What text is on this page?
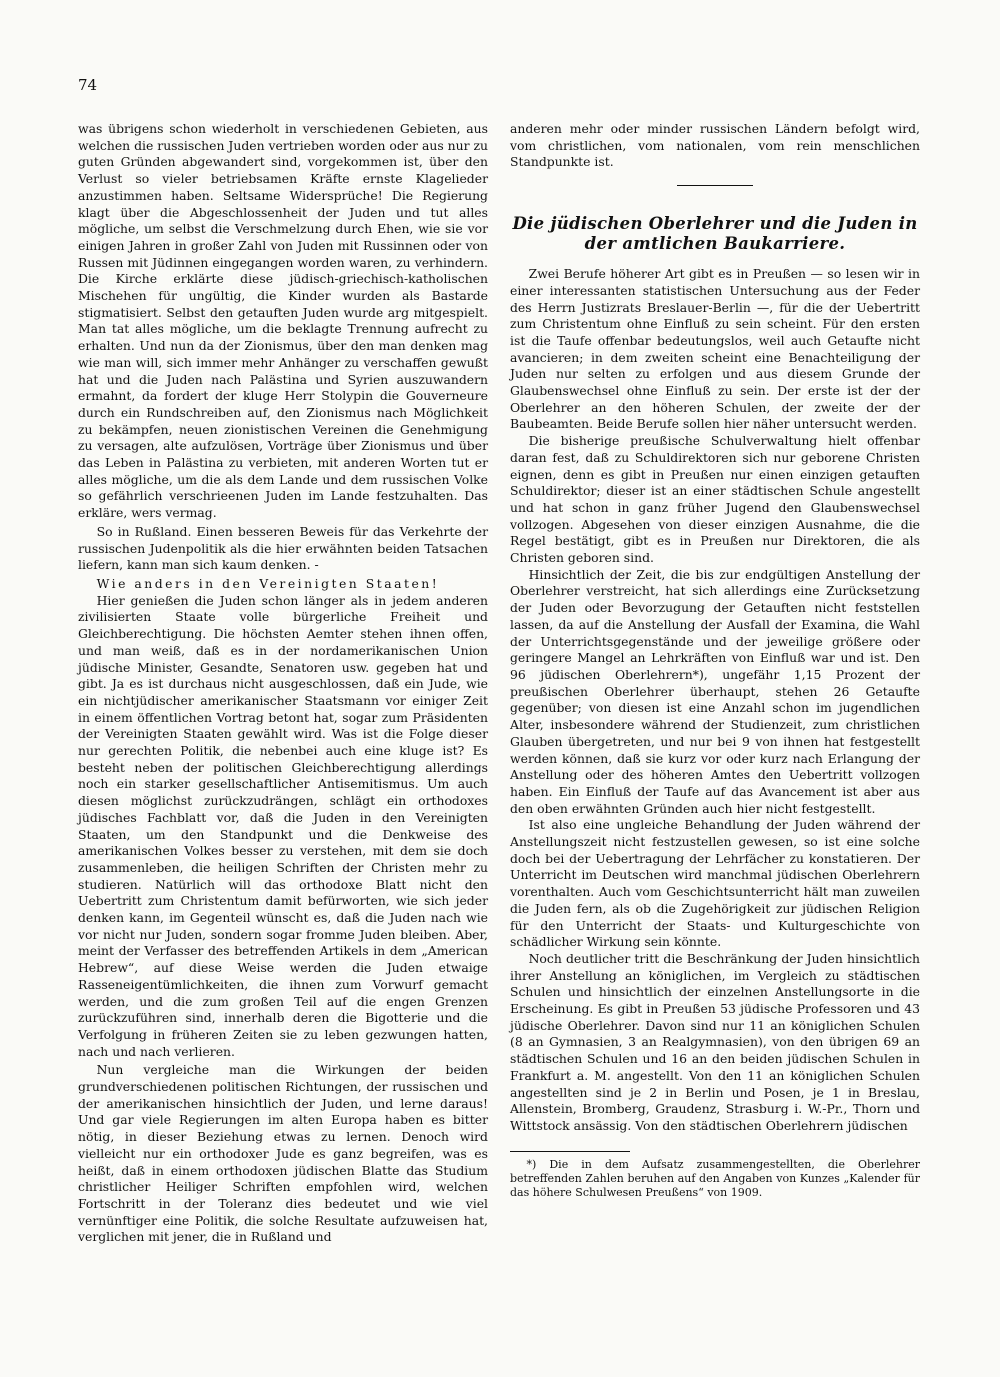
74

was übrigens schon wiederholt in verschiedenen Gebieten, aus welchen die russischen Juden vertrieben worden oder aus nur zu guten Gründen abgewandert sind, vorgekommen ist, über den Verlust so vieler betriebsamen Kräfte ernste Klagelieder anzustimmen haben. Seltsame Widersprüche! Die Regierung klagt über die Abgeschlossenheit der Juden und tut alles mögliche, um selbst die Verschmelzung durch Ehen, wie sie vor einigen Jahren in großer Zahl von Juden mit Russinnen oder von Russen mit Jüdinnen eingegangen worden waren, zu verhindern. Die Kirche erklärte diese jüdisch-griechisch-katholischen Mischehen für ungültig, die Kinder wurden als Bastarde stigmatisiert. Selbst den getauften Juden wurde arg mitgespielt. Man tat alles mögliche, um die beklagte Trennung aufrecht zu erhalten. Und nun da der Zionismus, über den man denken mag wie man will, sich immer mehr Anhänger zu verschaffen gewußt hat und die Juden nach Palästina und Syrien auszuwandern ermahnt, da fordert der kluge Herr Stolypin die Gouverneure durch ein Rundschreiben auf, den Zionismus nach Möglichkeit zu bekämpfen, neuen zionistischen Vereinen die Genehmigung zu versagen, alte aufzulösen, Vorträge über Zionismus und über das Leben in Palästina zu verbieten, mit anderen Worten tut er alles mögliche, um die als dem Lande und dem russischen Volke so gefährlich verschrieenen Juden im Lande festzuhalten. Das erkläre, wers vermag.

So in Rußland. Einen besseren Beweis für das Verkehrte der russischen Judenpolitik als die hier erwähnten beiden Tatsachen liefern, kann man sich kaum denken. -

Wie anders in den Vereinigten Staaten!

Hier genießen die Juden schon länger als in jedem anderen zivilisierten Staate volle bürgerliche Freiheit und Gleichberechtigung. Die höchsten Aemter stehen ihnen offen, und man weiß, daß es in der nordamerikanischen Union jüdische Minister, Gesandte, Senatoren usw. gegeben hat und gibt. Ja es ist durchaus nicht ausgeschlossen, daß ein Jude, wie ein nichtjüdischer amerikanischer Staatsmann vor einiger Zeit in einem öffentlichen Vortrag betont hat, sogar zum Präsidenten der Vereinigten Staaten gewählt wird. Was ist die Folge dieser nur gerechten Politik, die nebenbei auch eine kluge ist? Es besteht neben der politischen Gleichberechtigung allerdings noch ein starker gesellschaftlicher Antisemitismus. Um auch diesen möglichst zurückzudrängen, schlägt ein orthodoxes jüdisches Fachblatt vor, daß die Juden in den Vereinigten Staaten, um den Standpunkt und die Denkweise des amerikanischen Volkes besser zu verstehen, mit dem sie doch zusammenleben, die heiligen Schriften der Christen mehr zu studieren. Natürlich will das orthodoxe Blatt nicht den Uebertritt zum Christentum damit befürworten, wie sich jeder denken kann, im Gegenteil wünscht es, daß die Juden nach wie vor nicht nur Juden, sondern sogar fromme Juden bleiben. Aber, meint der Verfasser des betreffenden Artikels in dem „American Hebrew“, auf diese Weise werden die Juden etwaige Rasseneigentümlichkeiten, die ihnen zum Vorwurf gemacht werden, und die zum großen Teil auf die engen Grenzen zurückzuführen sind, innerhalb deren die Bigotterie und die Verfolgung in früheren Zeiten sie zu leben gezwungen hatten, nach und nach verlieren.

Nun vergleiche man die Wirkungen der beiden grundverschiedenen politischen Richtungen, der russischen und der amerikanischen hinsichtlich der Juden, und lerne daraus! Und gar viele Regierungen im alten Europa haben es bitter nötig, in dieser Beziehung etwas zu lernen. Denoch wird vielleicht nur ein orthodoxer Jude es ganz begreifen, was es heißt, daß in einem orthodoxen jüdischen Blatte das Studium christlicher Heiliger Schriften empfohlen wird, welchen Fortschritt in der Toleranz dies bedeutet und wie viel vernünftiger eine Politik, die solche Resultate aufzuweisen hat, verglichen mit jener, die in Rußland und

anderen mehr oder minder russischen Ländern befolgt wird, vom christlichen, vom nationalen, vom rein menschlichen Standpunkte ist.

Die jüdischen Oberlehrer und die Juden in der amtlichen Baukarriere.

Zwei Berufe höherer Art gibt es in Preußen — so lesen wir in einer interessanten statistischen Untersuchung aus der Feder des Herrn Justizrats Breslauer-Berlin —, für die der Uebertritt zum Christentum ohne Einfluß zu sein scheint. Für den ersten ist die Taufe offenbar bedeutungslos, weil auch Getaufte nicht avancieren; in dem zweiten scheint eine Benachteiligung der Juden nur selten zu erfolgen und aus diesem Grunde der Glaubenswechsel ohne Einfluß zu sein. Der erste ist der der Oberlehrer an den höheren Schulen, der zweite der der Baubeamten. Beide Berufe sollen hier näher untersucht werden.

Die bisherige preußische Schulverwaltung hielt offenbar daran fest, daß zu Schuldirektoren sich nur geborene Christen eignen, denn es gibt in Preußen nur einen einzigen getauften Schuldirektor; dieser ist an einer städtischen Schule angestellt und hat schon in ganz früher Jugend den Glaubenswechsel vollzogen. Abgesehen von dieser einzigen Ausnahme, die die Regel bestätigt, gibt es in Preußen nur Direktoren, die als Christen geboren sind.

Hinsichtlich der Zeit, die bis zur endgültigen Anstellung der Oberlehrer verstreicht, hat sich allerdings eine Zurücksetzung der Juden oder Bevorzugung der Getauften nicht feststellen lassen, da auf die Anstellung der Ausfall der Examina, die Wahl der Unterrichtsgegenstände und der jeweilige größere oder geringere Mangel an Lehrkräften von Einfluß war und ist. Den 96 jüdischen Oberlehrern*), ungefähr 1,15 Prozent der preußischen Oberlehrer überhaupt, stehen 26 Getaufte gegenüber; von diesen ist eine Anzahl schon im jugendlichen Alter, insbesondere während der Studienzeit, zum christlichen Glauben übergetreten, und nur bei 9 von ihnen hat festgestellt werden können, daß sie kurz vor oder kurz nach Erlangung der Anstellung oder des höheren Amtes den Uebertritt vollzogen haben. Ein Einfluß der Taufe auf das Avancement ist aber aus den oben erwähnten Gründen auch hier nicht festgestellt.

Ist also eine ungleiche Behandlung der Juden während der Anstellungszeit nicht festzustellen gewesen, so ist eine solche doch bei der Uebertragung der Lehrfächer zu konstatieren. Der Unterricht im Deutschen wird manchmal jüdischen Oberlehrern vorenthalten. Auch vom Geschichtsunterricht hält man zuweilen die Juden fern, als ob die Zugehörigkeit zur jüdischen Religion für den Unterricht der Staats- und Kulturgeschichte von schädlicher Wirkung sein könnte.

Noch deutlicher tritt die Beschränkung der Juden hinsichtlich ihrer Anstellung an königlichen, im Vergleich zu städtischen Schulen und hinsichtlich der einzelnen Anstellungsorte in die Erscheinung. Es gibt in Preußen 53 jüdische Professoren und 43 jüdische Oberlehrer. Davon sind nur 11 an königlichen Schulen (8 an Gymnasien, 3 an Realgymnasien), von den übrigen 69 an städtischen Schulen und 16 an den beiden jüdischen Schulen in Frankfurt a. M. angestellt. Von den 11 an königlichen Schulen angestellten sind je 2 in Berlin und Posen, je 1 in Breslau, Allenstein, Bromberg, Graudenz, Strasburg i. W.-Pr., Thorn und Wittstock ansässig. Von den städtischen Oberlehrern jüdischen

*) Die in dem Aufsatz zusammengestellten, die Oberlehrer betreffenden Zahlen beruhen auf den Angaben von Kunzes „Kalender für das höhere Schulwesen Preußens“ von 1909.
